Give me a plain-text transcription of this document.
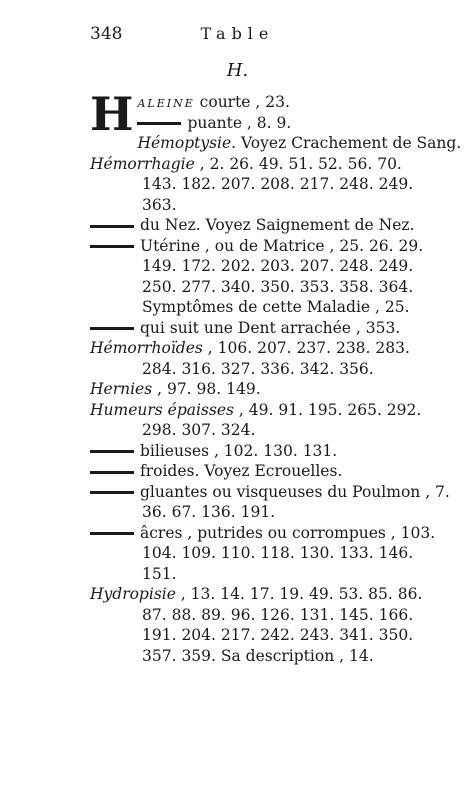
348	Table
H.
Haleine courte , 23.
puante , 8. 9.
Hémoptysie. Voyez Crachement de Sang.
Hémorrhagie , 2. 26. 49. 51. 52. 56. 70.
143. 182. 207. 208. 217. 248. 249.
363.
du Nez. Voyez Saignement de Nez.
Utérine , ou de Matrice , 25. 26. 29.
149. 172. 202. 203. 207. 248. 249.
250. 277. 340. 350. 353. 358. 364.
Symptômes de cette Maladie , 25.
qui suit une Dent arrachée , 353.
Hémorrhoïdes , 106. 207. 237. 238. 283.
284. 316. 327. 336. 342. 356.
Hernies , 97. 98. 149.
Humeurs épaisses , 49. 91. 195. 265. 292.
298. 307. 324.
bilieuses , 102. 130. 131.
froides. Voyez Ecrouelles.
gluantes ou visqueuses du Poulmon , 7.
36. 67. 136. 191.
âcres , putrides ou corrompues , 103.
104. 109. 110. 118. 130. 133. 146.
151.
Hydropisie , 13. 14. 17. 19. 49. 53. 85. 86.
87. 88. 89. 96. 126. 131. 145. 166.
191. 204. 217. 242. 243. 341. 350.
357. 359. Sa description , 14.
